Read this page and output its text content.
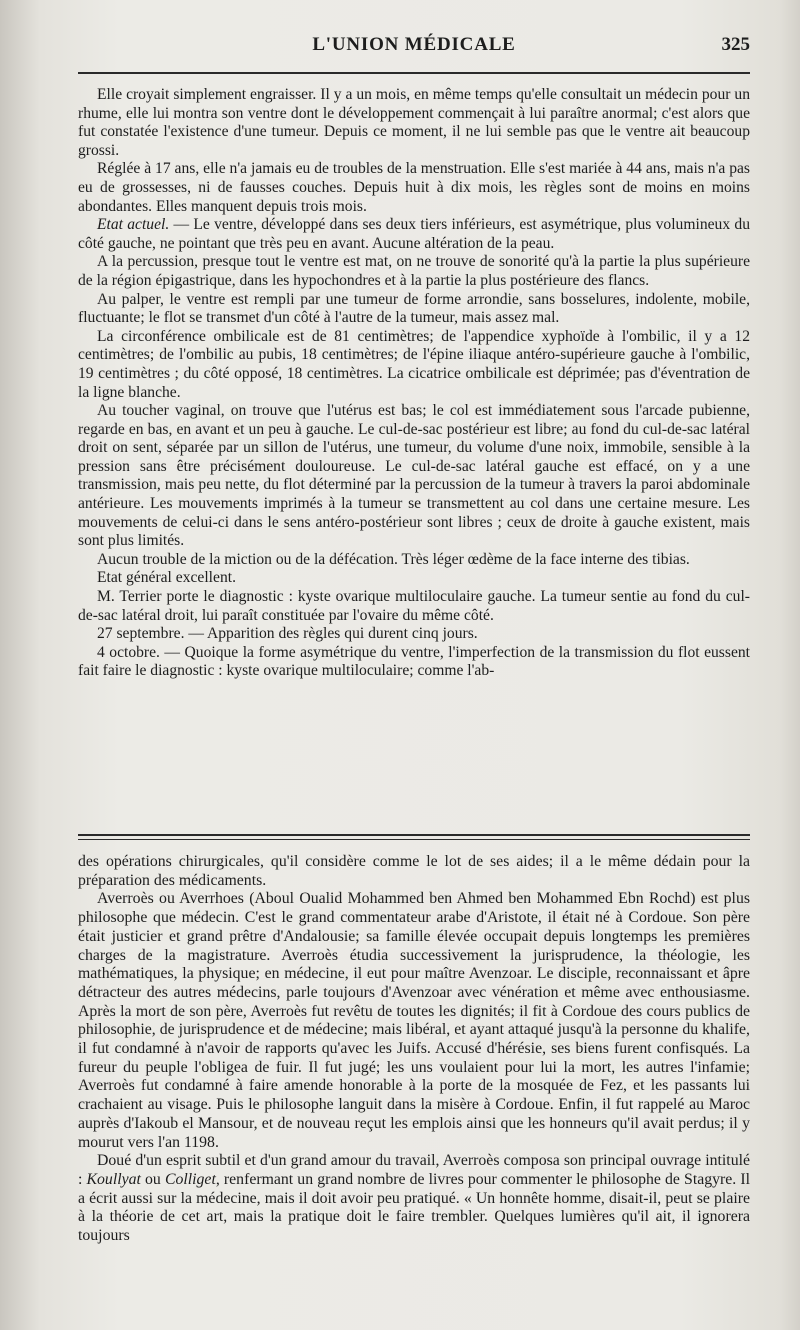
L'UNION MÉDICALE	325

Elle croyait simplement engraisser. Il y a un mois, en même temps qu'elle consultait un médecin pour un rhume, elle lui montra son ventre dont le développement commençait à lui paraître anormal; c'est alors que fut constatée l'existence d'une tumeur. Depuis ce moment, il ne lui semble pas que le ventre ait beaucoup grossi.

Réglée à 17 ans, elle n'a jamais eu de troubles de la menstruation. Elle s'est mariée à 44 ans, mais n'a pas eu de grossesses, ni de fausses couches. Depuis huit à dix mois, les règles sont de moins en moins abondantes. Elles manquent depuis trois mois.

Etat actuel. — Le ventre, développé dans ses deux tiers inférieurs, est asymétrique, plus volumineux du côté gauche, ne pointant que très peu en avant. Aucune altération de la peau.

A la percussion, presque tout le ventre est mat, on ne trouve de sonorité qu'à la partie la plus supérieure de la région épigastrique, dans les hypochondres et à la partie la plus postérieure des flancs.

Au palper, le ventre est rempli par une tumeur de forme arrondie, sans bosselures, indolente, mobile, fluctuante; le flot se transmet d'un côté à l'autre de la tumeur, mais assez mal.

La circonférence ombilicale est de 81 centimètres; de l'appendice xyphoïde à l'ombilic, il y a 12 centimètres; de l'ombilic au pubis, 18 centimètres; de l'épine iliaque antéro-supérieure gauche à l'ombilic, 19 centimètres ; du côté opposé, 18 centimètres. La cicatrice ombilicale est déprimée; pas d'éventration de la ligne blanche.

Au toucher vaginal, on trouve que l'utérus est bas; le col est immédiatement sous l'arcade pubienne, regarde en bas, en avant et un peu à gauche. Le cul-de-sac postérieur est libre; au fond du cul-de-sac latéral droit on sent, séparée par un sillon de l'utérus, une tumeur, du volume d'une noix, immobile, sensible à la pression sans être précisément douloureuse. Le cul-de-sac latéral gauche est effacé, on y a une transmission, mais peu nette, du flot déterminé par la percussion de la tumeur à travers la paroi abdominale antérieure. Les mouvements imprimés à la tumeur se transmettent au col dans une certaine mesure. Les mouvements de celui-ci dans le sens antéro-postérieur sont libres ; ceux de droite à gauche existent, mais sont plus limités.

Aucun trouble de la miction ou de la défécation. Très léger œdème de la face interne des tibias.

Etat général excellent.

M. Terrier porte le diagnostic : kyste ovarique multiloculaire gauche. La tumeur sentie au fond du cul-de-sac latéral droit, lui paraît constituée par l'ovaire du même côté.

27 septembre. — Apparition des règles qui durent cinq jours.

4 octobre. — Quoique la forme asymétrique du ventre, l'imperfection de la transmission du flot eussent fait faire le diagnostic : kyste ovarique multiloculaire; comme l'ab-

des opérations chirurgicales, qu'il considère comme le lot de ses aides; il a le même dédain pour la préparation des médicaments.

Averroès ou Averrhoes (Aboul Oualid Mohammed ben Ahmed ben Mohammed Ebn Rochd) est plus philosophe que médecin. C'est le grand commentateur arabe d'Aristote, il était né à Cordoue. Son père était justicier et grand prêtre d'Andalousie; sa famille élevée occupait depuis longtemps les premières charges de la magistrature. Averroès étudia successivement la jurisprudence, la théologie, les mathématiques, la physique; en médecine, il eut pour maître Avenzoar. Le disciple, reconnaissant et âpre détracteur des autres médecins, parle toujours d'Avenzoar avec vénération et même avec enthousiasme. Après la mort de son père, Averroès fut revêtu de toutes les dignités; il fit à Cordoue des cours publics de philosophie, de jurisprudence et de médecine; mais libéral, et ayant attaqué jusqu'à la personne du khalife, il fut condamné à n'avoir de rapports qu'avec les Juifs. Accusé d'hérésie, ses biens furent confisqués. La fureur du peuple l'obligea de fuir. Il fut jugé; les uns voulaient pour lui la mort, les autres l'infamie; Averroès fut condamné à faire amende honorable à la porte de la mosquée de Fez, et les passants lui crachaient au visage. Puis le philosophe languit dans la misère à Cordoue. Enfin, il fut rappelé au Maroc auprès d'Iakoub el Mansour, et de nouveau reçut les emplois ainsi que les honneurs qu'il avait perdus; il y mourut vers l'an 1198.

Doué d'un esprit subtil et d'un grand amour du travail, Averroès composa son principal ouvrage intitulé : Koullyat ou Colliget, renfermant un grand nombre de livres pour commenter le philosophe de Stagyre. Il a écrit aussi sur la médecine, mais il doit avoir peu pratiqué. « Un honnête homme, disait-il, peut se plaire à la théorie de cet art, mais la pratique doit le faire trembler. Quelques lumières qu'il ait, il ignorera toujours
